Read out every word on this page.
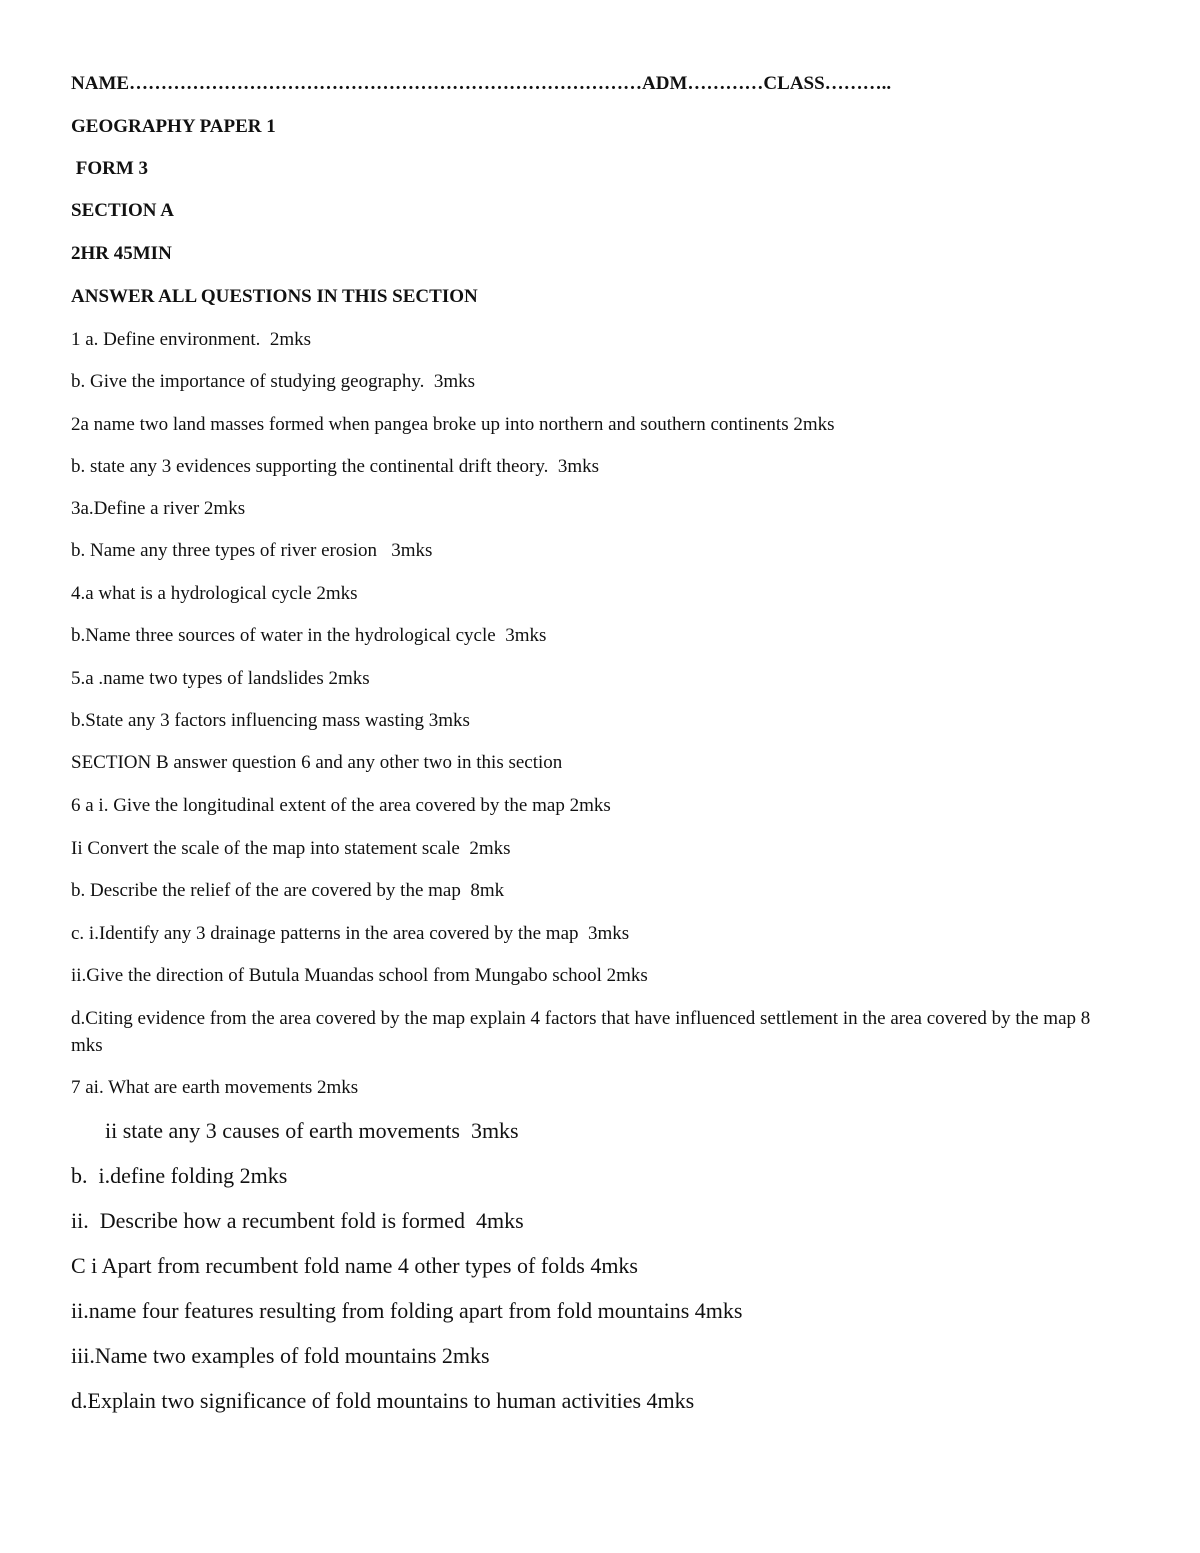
NAME………………………………………………………………………ADM…………CLASS………..
GEOGRAPHY PAPER 1
FORM 3
SECTION A
2HR 45MIN
ANSWER ALL QUESTIONS IN THIS SECTION
1 a. Define environment.  2mks
b. Give the importance of studying geography.  3mks
2a name two land masses formed when pangea broke up into northern and southern continents 2mks
b. state any 3 evidences supporting the continental drift theory.  3mks
3a.Define a river 2mks
b. Name any three types of river erosion   3mks
4.a what is a hydrological cycle 2mks
b.Name three sources of water in the hydrological cycle  3mks
5.a .name two types of landslides 2mks
b.State any 3 factors influencing mass wasting 3mks
SECTION B answer question 6 and any other two in this section
6 a i. Give the longitudinal extent of the area covered by the map 2mks
Ii Convert the scale of the map into statement scale  2mks
b. Describe the relief of the are covered by the map  8mk
c. i.Identify any 3 drainage patterns in the area covered by the map  3mks
ii.Give the direction of Butula Muandas school from Mungabo school 2mks
d.Citing evidence from the area covered by the map explain 4 factors that have influenced settlement in the area covered by the map 8 mks
7 ai. What are earth movements 2mks
ii state any 3 causes of earth movements  3mks
b.  i.define folding 2mks
ii.  Describe how a recumbent fold is formed  4mks
C i Apart from recumbent fold name 4 other types of folds 4mks
ii.name four features resulting from folding apart from fold mountains 4mks
iii.Name two examples of fold mountains 2mks
d.Explain two significance of fold mountains to human activities 4mks
